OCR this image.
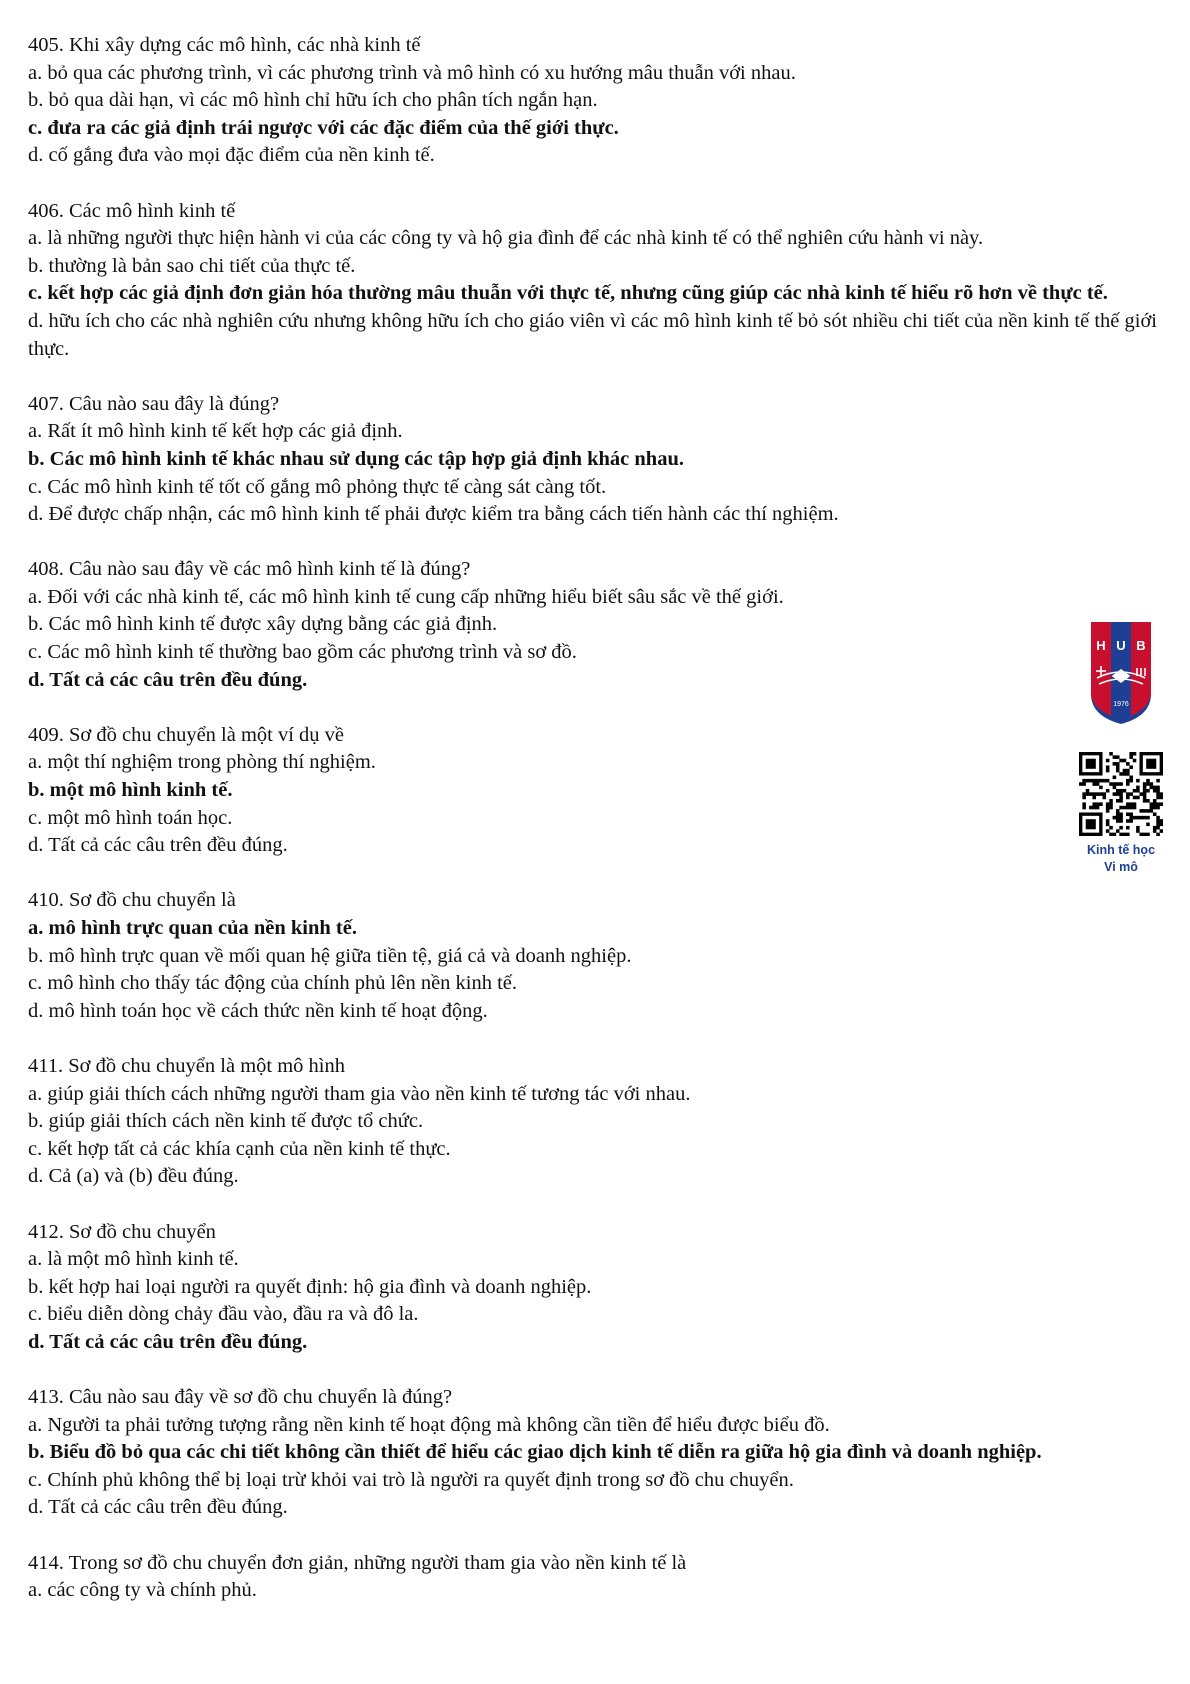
405. Khi xây dựng các mô hình, các nhà kinh tế

a. bỏ qua các phương trình, vì các phương trình và mô hình có xu hướng mâu thuẫn với nhau.

b. bỏ qua dài hạn, vì các mô hình chỉ hữu ích cho phân tích ngắn hạn.

c. đưa ra các giả định trái ngược với các đặc điểm của thế giới thực.

d. cố gắng đưa vào mọi đặc điểm của nền kinh tế.

406. Các mô hình kinh tế

a. là những người thực hiện hành vi của các công ty và hộ gia đình để các nhà kinh tế có thể nghiên cứu hành vi này.

b. thường là bản sao chi tiết của thực tế.

c. kết hợp các giả định đơn giản hóa thường mâu thuẫn với thực tế, nhưng cũng giúp các nhà kinh tế hiểu rõ hơn về thực tế.

d. hữu ích cho các nhà nghiên cứu nhưng không hữu ích cho giáo viên vì các mô hình kinh tế bỏ sót nhiều chi tiết của nền kinh tế thế giới thực.

407. Câu nào sau đây là đúng?

a. Rất ít mô hình kinh tế kết hợp các giả định.

b. Các mô hình kinh tế khác nhau sử dụng các tập hợp giả định khác nhau.

c. Các mô hình kinh tế tốt cố gắng mô phỏng thực tế càng sát càng tốt.

d. Để được chấp nhận, các mô hình kinh tế phải được kiểm tra bằng cách tiến hành các thí nghiệm.

408. Câu nào sau đây về các mô hình kinh tế là đúng?

a. Đối với các nhà kinh tế, các mô hình kinh tế cung cấp những hiểu biết sâu sắc về thế giới.

b. Các mô hình kinh tế được xây dựng bằng các giả định.

c. Các mô hình kinh tế thường bao gồm các phương trình và sơ đồ.

d. Tất cả các câu trên đều đúng.

409. Sơ đồ chu chuyển là một ví dụ về

a. một thí nghiệm trong phòng thí nghiệm.

b. một mô hình kinh tế.

c. một mô hình toán học.

d. Tất cả các câu trên đều đúng.

410. Sơ đồ chu chuyển là

a. mô hình trực quan của nền kinh tế.

b. mô hình trực quan về mối quan hệ giữa tiền tệ, giá cả và doanh nghiệp.

c. mô hình cho thấy tác động của chính phủ lên nền kinh tế.

d. mô hình toán học về cách thức nền kinh tế hoạt động.

411. Sơ đồ chu chuyển là một mô hình

a. giúp giải thích cách những người tham gia vào nền kinh tế tương tác với nhau.

b. giúp giải thích cách nền kinh tế được tổ chức.

c. kết hợp tất cả các khía cạnh của nền kinh tế thực.

d. Cả (a) và (b) đều đúng.

412. Sơ đồ chu chuyển

a. là một mô hình kinh tế.

b. kết hợp hai loại người ra quyết định: hộ gia đình và doanh nghiệp.

c. biểu diễn dòng chảy đầu vào, đầu ra và đô la.

d. Tất cả các câu trên đều đúng.

413. Câu nào sau đây về sơ đồ chu chuyển là đúng?

a. Người ta phải tưởng tượng rằng nền kinh tế hoạt động mà không cần tiền để hiểu được biểu đồ.

b. Biểu đồ bỏ qua các chi tiết không cần thiết để hiểu các giao dịch kinh tế diễn ra giữa hộ gia đình và doanh nghiệp.

c. Chính phủ không thể bị loại trừ khỏi vai trò là người ra quyết định trong sơ đồ chu chuyển.

d. Tất cả các câu trên đều đúng.

414. Trong sơ đồ chu chuyển đơn giản, những người tham gia vào nền kinh tế là

a. các công ty và chính phủ.

H U B
1976
Kinh tế học
Vi mô
